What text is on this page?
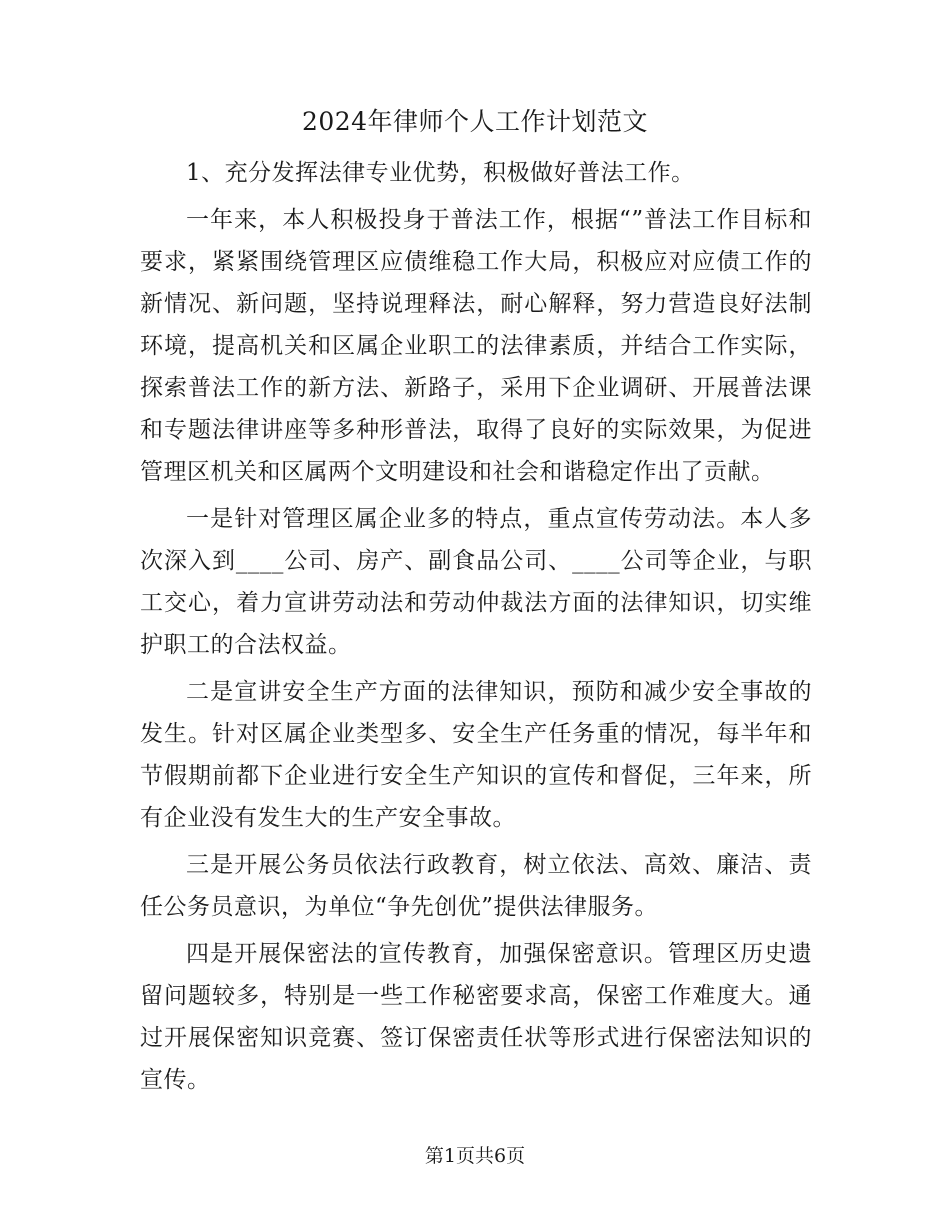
2024年律师个人工作计划范文

1、充分发挥法律专业优势，积极做好普法工作。

一年来，本人积极投身于普法工作，根据“”普法工作目标和要求，紧紧围绕管理区应债维稳工作大局，积极应对应债工作的新情况、新问题，坚持说理释法，耐心解释，努力营造良好法制环境，提高机关和区属企业职工的法律素质，并结合工作实际，探索普法工作的新方法、新路子，采用下企业调研、开展普法课和专题法律讲座等多种形普法，取得了良好的实际效果，为促进管理区机关和区属两个文明建设和社会和谐稳定作出了贡献。

一是针对管理区属企业多的特点，重点宣传劳动法。本人多次深入到____公司、房产、副食品公司、____公司等企业，与职工交心，着力宣讲劳动法和劳动仲裁法方面的法律知识，切实维护职工的合法权益。

二是宣讲安全生产方面的法律知识，预防和减少安全事故的发生。针对区属企业类型多、安全生产任务重的情况，每半年和节假期前都下企业进行安全生产知识的宣传和督促，三年来，所有企业没有发生大的生产安全事故。

三是开展公务员依法行政教育，树立依法、高效、廉洁、责任公务员意识，为单位“争先创优”提供法律服务。

四是开展保密法的宣传教育，加强保密意识。管理区历史遗留问题较多，特别是一些工作秘密要求高，保密工作难度大。通过开展保密知识竞赛、签订保密责任状等形式进行保密法知识的宣传。

第1页共6页
